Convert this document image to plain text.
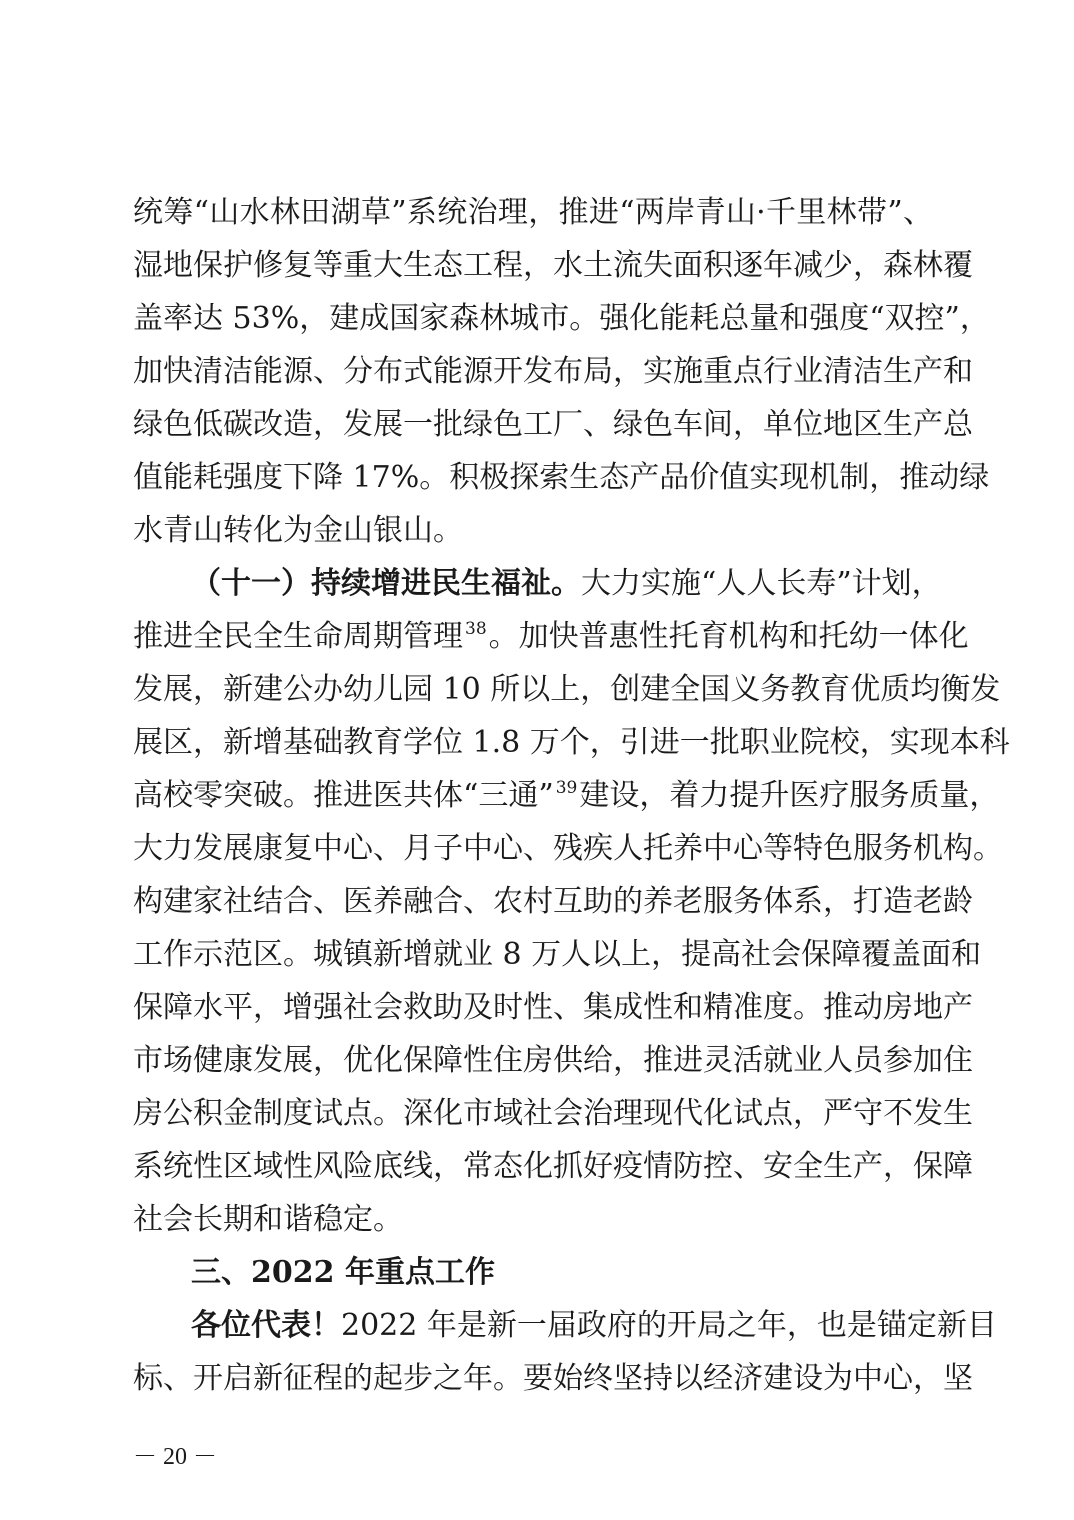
统筹“山水林田湖草”系统治理，推进“两岸青山·千里林带”、
湿地保护修复等重大生态工程，水土流失面积逐年减少，森林覆
盖率达 53%，建成国家森林城市。强化能耗总量和强度“双控”，
加快清洁能源、分布式能源开发布局，实施重点行业清洁生产和
绿色低碳改造，发展一批绿色工厂、绿色车间，单位地区生产总
值能耗强度下降 17%。积极探索生态产品价值实现机制，推动绿
水青山转化为金山银山。
（十一）持续增进民生福祉。大力实施“人人长寿”计划，
推进全民全生命周期管理 $^{38}$。加快普惠性托育机构和托幼一体化
发展，新建公办幼儿园 10 所以上，创建全国义务教育优质均衡发
展区，新增基础教育学位 1.8 万个，引进一批职业院校，实现本科
高校零突破。推进医共体“三通” $^{39}$建设，着力提升医疗服务质量，
大力发展康复中心、月子中心、残疾人托养中心等特色服务机构。
构建家社结合、医养融合、农村互助的养老服务体系，打造老龄
工作示范区。城镇新增就业 8 万人以上，提高社会保障覆盖面和
保障水平，增强社会救助及时性、集成性和精准度。推动房地产
市场健康发展，优化保障性住房供给，推进灵活就业人员参加住
房公积金制度试点。深化市域社会治理现代化试点，严守不发生
系统性区域性风险底线，常态化抓好疫情防控、安全生产，保障
社会长期和谐稳定。
三、2022 年重点工作
各位代表！2022 年是新一届政府的开局之年，也是锚定新目
标、开启新征程的起步之年。要始终坚持以经济建设为中心，坚
－ 20 －
